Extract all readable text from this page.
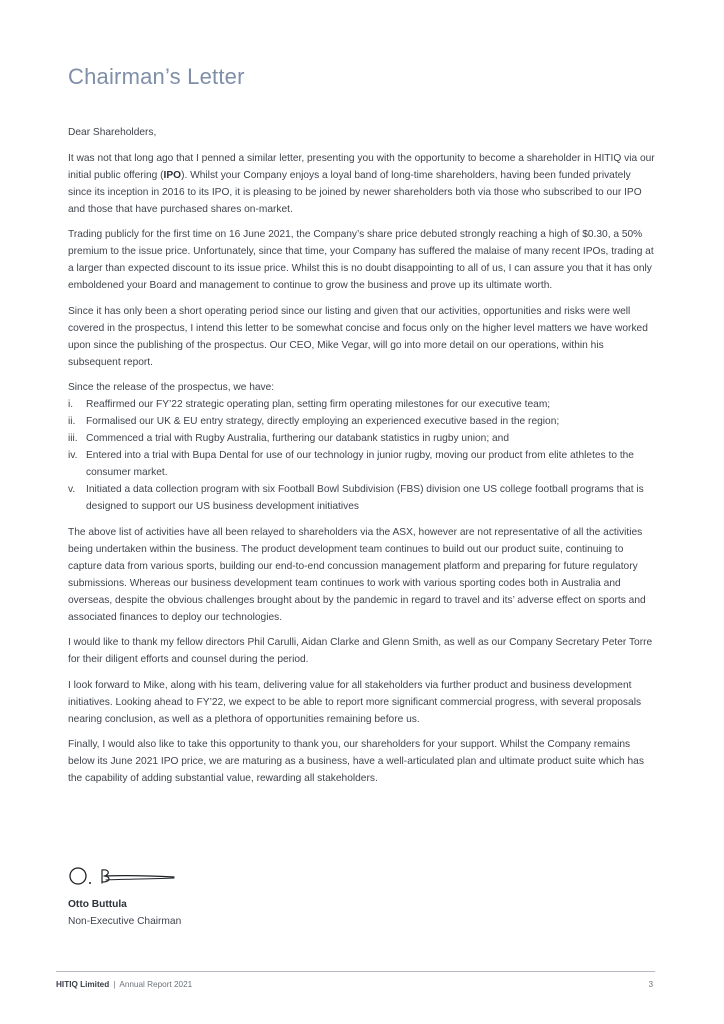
Chairman’s Letter

Dear Shareholders,

It was not that long ago that I penned a similar letter, presenting you with the opportunity to become a shareholder in HITIQ via our initial public offering (IPO). Whilst your Company enjoys a loyal band of long-time shareholders, having been funded privately since its inception in 2016 to its IPO, it is pleasing to be joined by newer shareholders both via those who subscribed to our IPO and those that have purchased shares on-market.

Trading publicly for the first time on 16 June 2021, the Company’s share price debuted strongly reaching a high of $0.30, a 50% premium to the issue price. Unfortunately, since that time, your Company has suffered the malaise of many recent IPOs, trading at a larger than expected discount to its issue price. Whilst this is no doubt disappointing to all of us, I can assure you that it has only emboldened your Board and management to continue to grow the business and prove up its ultimate worth.

Since it has only been a short operating period since our listing and given that our activities, opportunities and risks were well covered in the prospectus, I intend this letter to be somewhat concise and focus only on the higher level matters we have worked upon since the publishing of the prospectus. Our CEO, Mike Vegar, will go into more detail on our operations, within his subsequent report.

Since the release of the prospectus, we have:

i. Reaffirmed our FY’22 strategic operating plan, setting firm operating milestones for our executive team;
ii. Formalised our UK & EU entry strategy, directly employing an experienced executive based in the region;
iii. Commenced a trial with Rugby Australia, furthering our databank statistics in rugby union; and
iv. Entered into a trial with Bupa Dental for use of our technology in junior rugby, moving our product from elite athletes to the consumer market.
v. Initiated a data collection program with six Football Bowl Subdivision (FBS) division one US college football programs that is designed to support our US business development initiatives

The above list of activities have all been relayed to shareholders via the ASX, however are not representative of all the activities being undertaken within the business. The product development team continues to build out our product suite, continuing to capture data from various sports, building our end-to-end concussion management platform and preparing for future regulatory submissions. Whereas our business development team continues to work with various sporting codes both in Australia and overseas, despite the obvious challenges brought about by the pandemic in regard to travel and its’ adverse effect on sports and associated finances to deploy our technologies.

I would like to thank my fellow directors Phil Carulli, Aidan Clarke and Glenn Smith, as well as our Company Secretary Peter Torre for their diligent efforts and counsel during the period.

I look forward to Mike, along with his team, delivering value for all stakeholders via further product and business development initiatives. Looking ahead to FY’22, we expect to be able to report more significant commercial progress, with several proposals nearing conclusion, as well as a plethora of opportunities remaining before us.

Finally, I would also like to take this opportunity to thank you, our shareholders for your support. Whilst the Company remains below its June 2021 IPO price, we are maturing as a business, have a well-articulated plan and ultimate product suite which has the capability of adding substantial value, rewarding all stakeholders.

Otto Buttula
Non-Executive Chairman
HITIQ Limited | Annual Report 2021	3
